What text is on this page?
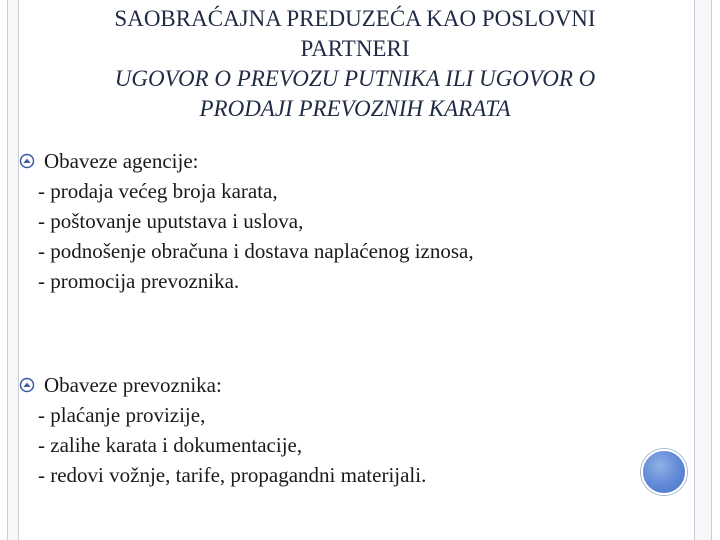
SAOBRAĆAJNA PREDUZEĆA KAO POSLOVNI
PARTNERI
UGOVOR O PREVOZU PUTNIKA ILI UGOVOR O
PRODAJI PREVOZNIH KARATA
Obaveze agencije:
- prodaja većeg broja karata,
- poštovanje uputstava i uslova,
- podnošenje obračuna i dostava naplaćenog iznosa,
- promocija prevoznika.
Obaveze prevoznika:
- plaćanje provizije,
- zalihe karata i dokumentacije,
- redovi vožnje, tarife, propagandni materijali.
